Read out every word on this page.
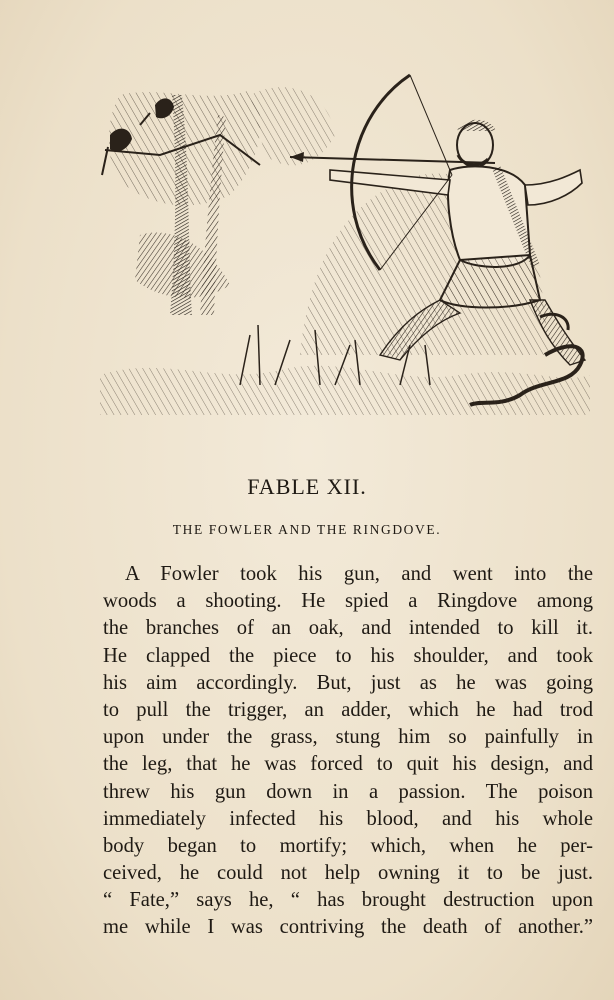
FABLE XII.
THE FOWLER AND THE RINGDOVE.
A Fowler took his gun, and went into the
woods a shooting. He spied a Ringdove among
the branches of an oak, and intended to kill it.
He clapped the piece to his shoulder, and took
his aim accordingly. But, just as he was going
to pull the trigger, an adder, which he had trod
upon under the grass, stung him so painfully in
the leg, that he was forced to quit his design, and
threw his gun down in a passion. The poison
immediately infected his blood, and his whole
body began to mortify; which, when he per-
ceived, he could not help owning it to be just.
“ Fate,” says he, “ has brought destruction upon
me while I was contriving the death of another.”
